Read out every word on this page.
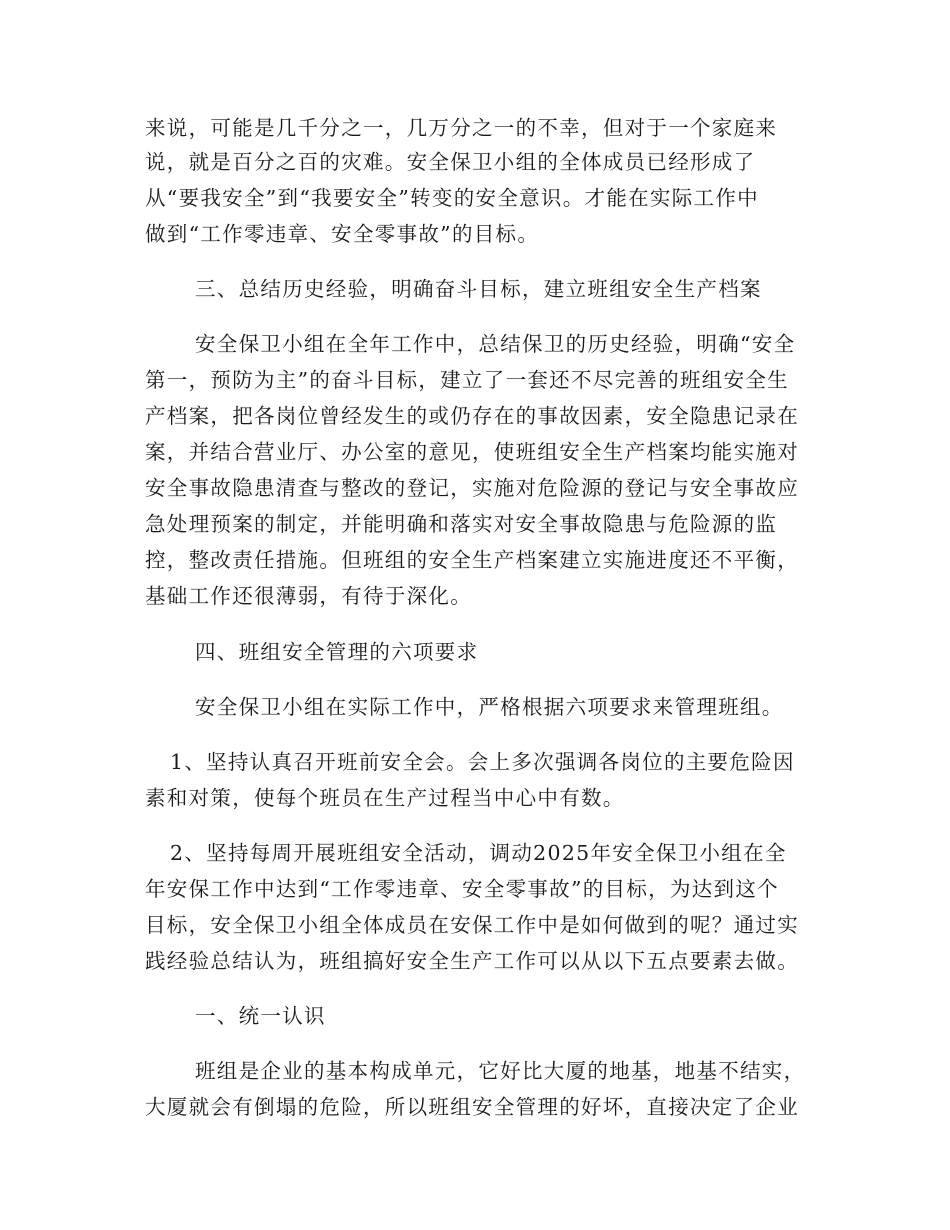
来说，可能是几千分之一，几万分之一的不幸，但对于一个家庭来
说，就是百分之百的灾难。安全保卫小组的全体成员已经形成了
从“要我安全”到“我要安全”转变的安全意识。才能在实际工作中
做到“工作零违章、安全零事故”的目标。
三、总结历史经验，明确奋斗目标，建立班组安全生产档案
安全保卫小组在全年工作中，总结保卫的历史经验，明确“安全
第一，预防为主”的奋斗目标，建立了一套还不尽完善的班组安全生
产档案，把各岗位曾经发生的或仍存在的事故因素，安全隐患记录在
案，并结合营业厅、办公室的意见，使班组安全生产档案均能实施对
安全事故隐患清查与整改的登记，实施对危险源的登记与安全事故应
急处理预案的制定，并能明确和落实对安全事故隐患与危险源的监
控，整改责任措施。但班组的安全生产档案建立实施进度还不平衡，
基础工作还很薄弱，有待于深化。
四、班组安全管理的六项要求
安全保卫小组在实际工作中，严格根据六项要求来管理班组。
1、坚持认真召开班前安全会。会上多次强调各岗位的主要危险因
素和对策，使每个班员在生产过程当中心中有数。
2、坚持每周开展班组安全活动，调动2025年安全保卫小组在全
年安保工作中达到“工作零违章、安全零事故”的目标，为达到这个
目标，安全保卫小组全体成员在安保工作中是如何做到的呢？通过实
践经验总结认为，班组搞好安全生产工作可以从以下五点要素去做。
一、统一认识
班组是企业的基本构成单元，它好比大厦的地基，地基不结实，
大厦就会有倒塌的危险，所以班组安全管理的好坏，直接决定了企业
